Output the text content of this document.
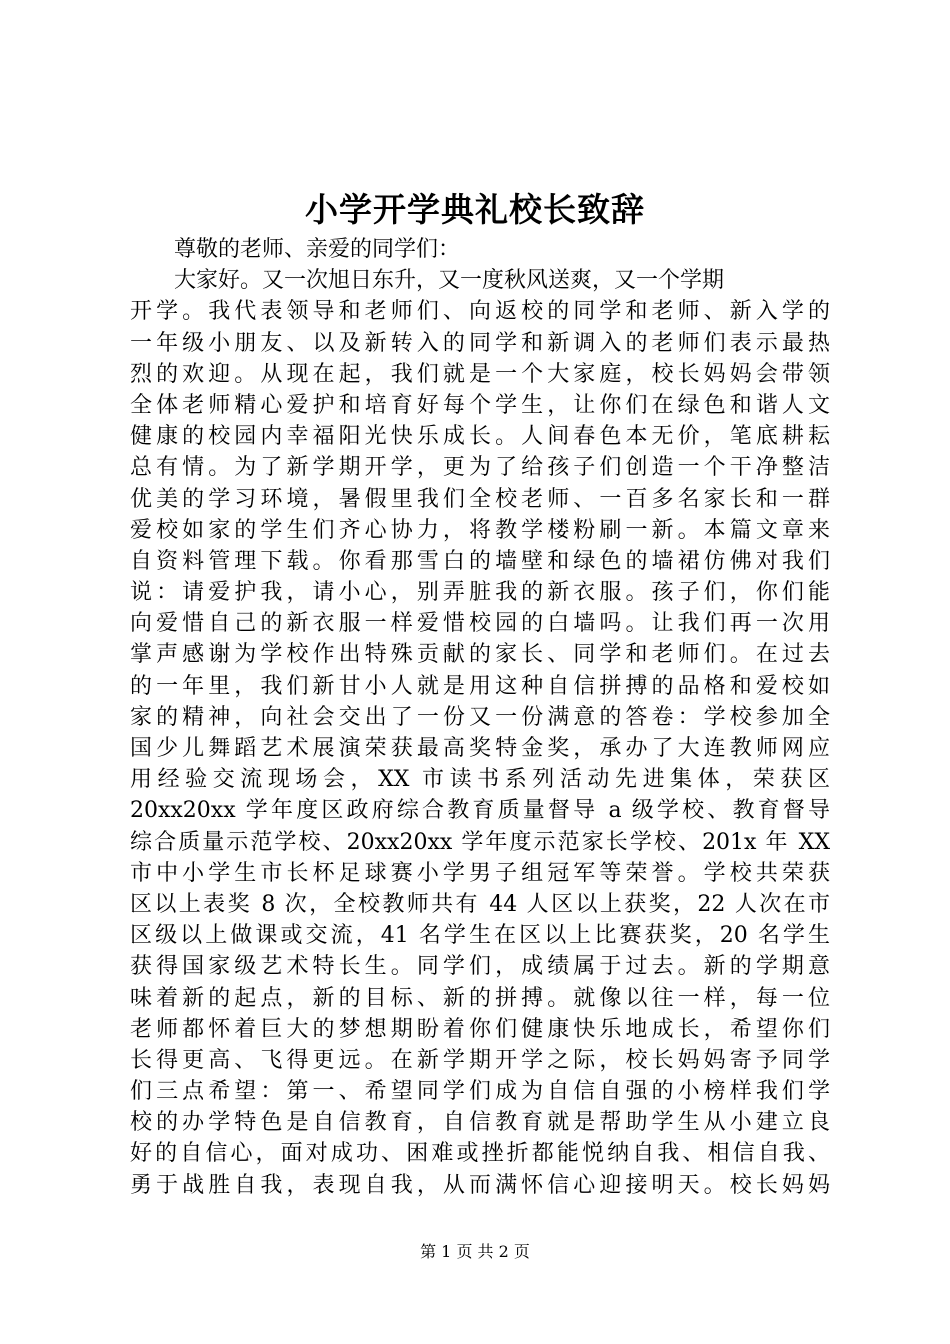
小学开学典礼校长致辞
尊敬的老师、亲爱的同学们：
大家好。又一次旭日东升，又一度秋风送爽，又一个学期
开学。我代表领导和老师们、向返校的同学和老师、新入学的
一年级小朋友、以及新转入的同学和新调入的老师们表示最热
烈的欢迎。从现在起，我们就是一个大家庭，校长妈妈会带领
全体老师精心爱护和培育好每个学生，让你们在绿色和谐人文
健康的校园内幸福阳光快乐成长。人间春色本无价，笔底耕耘
总有情。为了新学期开学，更为了给孩子们创造一个干净整洁
优美的学习环境，暑假里我们全校老师、一百多名家长和一群
爱校如家的学生们齐心协力，将教学楼粉刷一新。本篇文章来
自资料管理下载。你看那雪白的墙壁和绿色的墙裙仿佛对我们
说：请爱护我，请小心，别弄脏我的新衣服。孩子们，你们能
向爱惜自己的新衣服一样爱惜校园的白墙吗。让我们再一次用
掌声感谢为学校作出特殊贡献的家长、同学和老师们。在过去
的一年里，我们新甘小人就是用这种自信拼搏的品格和爱校如
家的精神，向社会交出了一份又一份满意的答卷：学校参加全
国少儿舞蹈艺术展演荣获最高奖特金奖，承办了大连教师网应
用经验交流现场会，XX 市读书系列活动先进集体，荣获区
20xx20xx 学年度区政府综合教育质量督导 a 级学校、教育督导
综合质量示范学校、20xx20xx 学年度示范家长学校、201x 年 XX
市中小学生市长杯足球赛小学男子组冠军等荣誉。学校共荣获
区以上表奖 8 次，全校教师共有 44 人区以上获奖，22 人次在市
区级以上做课或交流，41 名学生在区以上比赛获奖，20 名学生
获得国家级艺术特长生。同学们，成绩属于过去。新的学期意
味着新的起点，新的目标、新的拼搏。就像以往一样，每一位
老师都怀着巨大的梦想期盼着你们健康快乐地成长，希望你们
长得更高、飞得更远。在新学期开学之际，校长妈妈寄予同学
们三点希望：第一、希望同学们成为自信自强的小榜样我们学
校的办学特色是自信教育，自信教育就是帮助学生从小建立良
好的自信心，面对成功、困难或挫折都能悦纳自我、相信自我、
勇于战胜自我，表现自我，从而满怀信心迎接明天。校长妈妈
第 1 页 共 2 页
